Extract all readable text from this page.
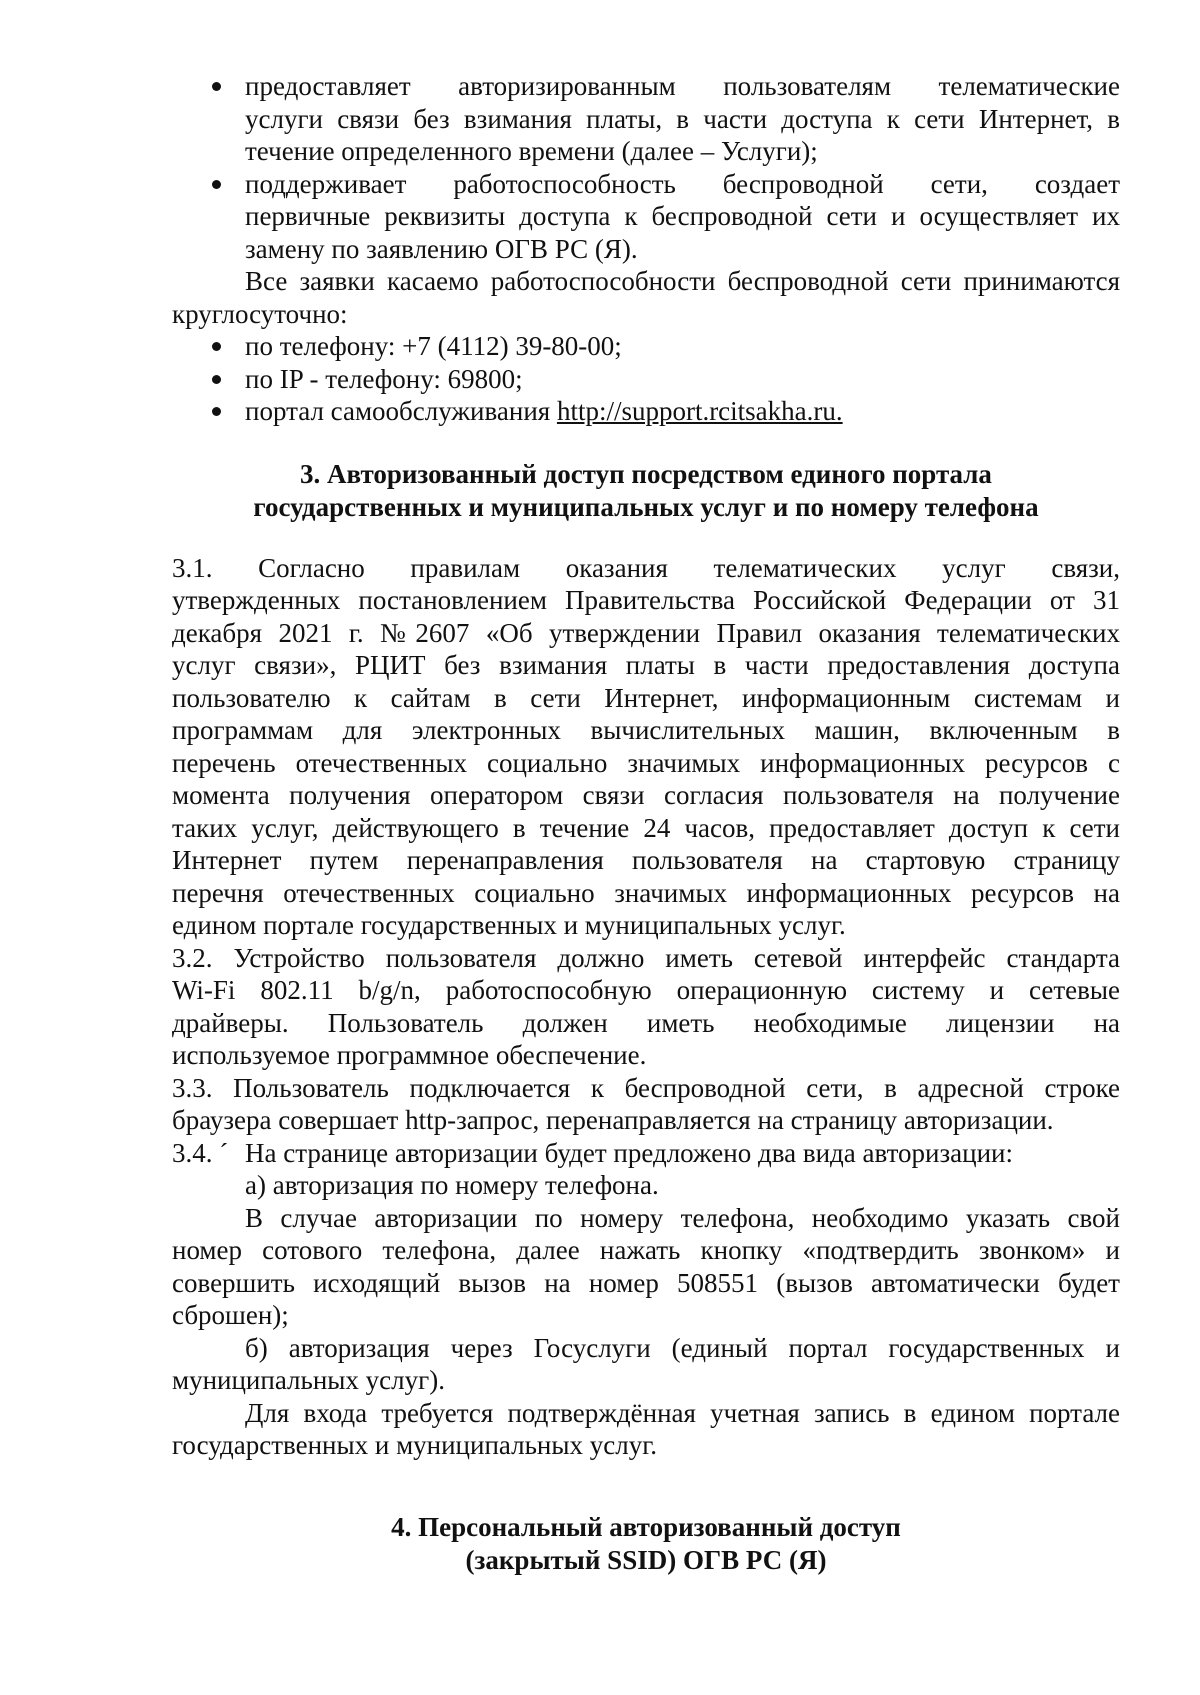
предоставляет авторизированным пользователям телематические
услуги связи без взимания платы, в части доступа к сети Интернет, в
течение определенного времени (далее – Услуги);
поддерживает работоспособность беспроводной сети, создает
первичные реквизиты доступа к беспроводной сети и осуществляет их
замену по заявлению ОГВ РС (Я).
Все заявки касаемо работоспособности беспроводной сети принимаются
круглосуточно:
по телефону: +7 (4112) 39-80-00;
по IP - телефону: 69800;
портал самообслуживания http://support.rcitsakha.ru.
3. Авторизованный доступ посредством единого портала
государственных и муниципальных услуг и по номеру телефона
3.1. Согласно правилам оказания телематических услуг связи,
утвержденных постановлением Правительства Российской Федерации от 31
декабря 2021 г. №2607 «Об утверждении Правил оказания телематических
услуг связи», РЦИТ без взимания платы в части предоставления доступа
пользователю к сайтам в сети Интернет, информационным системам и
программам для электронных вычислительных машин, включенным в
перечень отечественных социально значимых информационных ресурсов с
момента получения оператором связи согласия пользователя на получение
таких услуг, действующего в течение 24 часов, предоставляет доступ к сети
Интернет путем перенаправления пользователя на стартовую страницу
перечня отечественных социально значимых информационных ресурсов на
едином портале государственных и муниципальных услуг.
3.2. Устройство пользователя должно иметь сетевой интерфейс стандарта
Wi-Fi 802.11 b/g/n, работоспособную операционную систему и сетевые
драйверы. Пользователь должен иметь необходимые лицензии на
используемое программное обеспечение.
3.3. Пользователь подключается к беспроводной сети, в адресной строке
браузера совершает http-запрос, перенаправляется на страницу авторизации.
3.4. ´ На странице авторизации будет предложено два вида авторизации:
а) авторизация по номеру телефона.
В случае авторизации по номеру телефона, необходимо указать свой
номер сотового телефона, далее нажать кнопку «подтвердить звонком» и
совершить исходящий вызов на номер 508551 (вызов автоматически будет
сброшен);
б) авторизация через Госуслуги (единый портал государственных и
муниципальных услуг).
Для входа требуется подтверждённая учетная запись в едином портале
государственных и муниципальных услуг.
4. Персональный авторизованный доступ
(закрытый SSID) ОГВ РС (Я)
